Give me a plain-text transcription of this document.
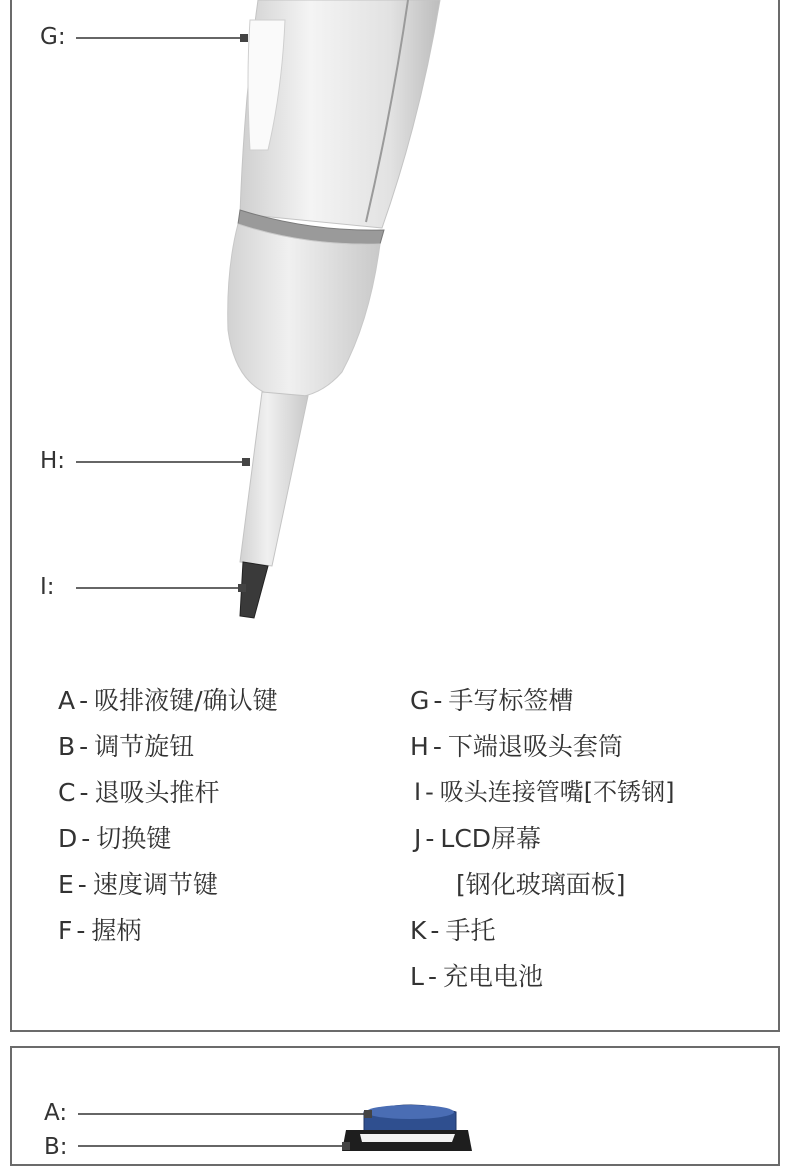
G:
H:
I:
A - 吸排液键/确认键
B - 调节旋钮
C - 退吸头推杆
D - 切换键
E - 速度调节键
F - 握柄
G - 手写标签槽
H - 下端退吸头套筒
I - 吸头连接管嘴[不锈钢]
J - LCD屏幕
[钢化玻璃面板]
K - 手托
L - 充电电池
A:
B:
